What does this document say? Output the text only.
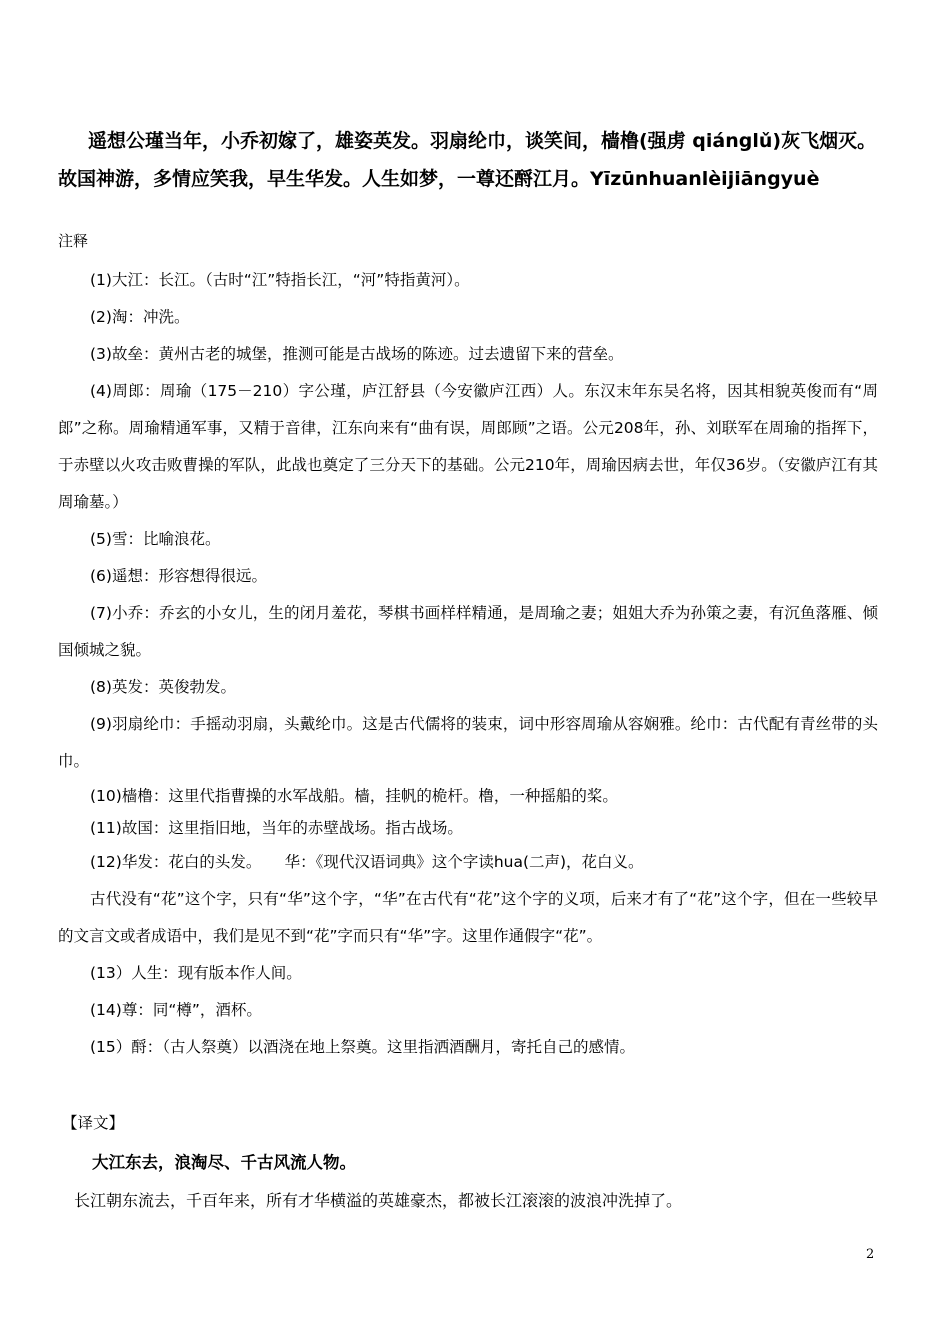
遥想公瑾当年，小乔初嫁了，雄姿英发。羽扇纶巾，谈笑间，樯橹(强虏 qiánglǔ)灰飞烟灭。
故国神游，多情应笑我，早生华发。人生如梦，一尊还酹江月。Yīzūnhuanlèijiāngyuè
注释

(1)大江：长江。（古时“江”特指长江，“河”特指黄河）。

(2)淘：冲洗。

(3)故垒：黄州古老的城堡，推测可能是古战场的陈迹。过去遗留下来的营垒。

(4)周郎：周瑜（175－210）字公瑾，庐江舒县（今安徽庐江西）人。东汉末年东吴名将，因其相貌英俊而有“周郎”之称。周瑜精通军事，又精于音律，江东向来有“曲有误，周郎顾”之语。公元208年，孙、刘联军在周瑜的指挥下，于赤壁以火攻击败曹操的军队，此战也奠定了三分天下的基础。公元210年，周瑜因病去世，年仅36岁。（安徽庐江有其周瑜墓。）

(5)雪：比喻浪花。

(6)遥想：形容想得很远。

(7)小乔：乔玄的小女儿，生的闭月羞花，琴棋书画样样精通，是周瑜之妻；姐姐大乔为孙策之妻，有沉鱼落雁、倾国倾城之貌。

(8)英发：英俊勃发。

(9)羽扇纶巾：手摇动羽扇，头戴纶巾。这是古代儒将的装束，词中形容周瑜从容娴雅。纶巾：古代配有青丝带的头巾。

(10)樯橹：这里代指曹操的水军战船。樯，挂帆的桅杆。橹，一种摇船的桨。

(11)故国：这里指旧地，当年的赤壁战场。指古战场。

(12)华发：花白的头发。　　华：《现代汉语词典》这个字读hua(二声)，花白义。

古代没有“花”这个字，只有“华”这个字，“华”在古代有“花”这个字的义项，后来才有了“花”这个字，但在一些较早的文言文或者成语中，我们是见不到“花”字而只有“华”字。这里作通假字“花”。

(13）人生：现有版本作人间。

(14)尊：同“樽”，酒杯。

(15）酹：（古人祭奠）以酒浇在地上祭奠。这里指洒酒酬月，寄托自己的感情。

【译文】
大江东去，浪淘尽、千古风流人物。
长江朝东流去，千百年来，所有才华横溢的英雄豪杰，都被长江滚滚的波浪冲洗掉了。
2
